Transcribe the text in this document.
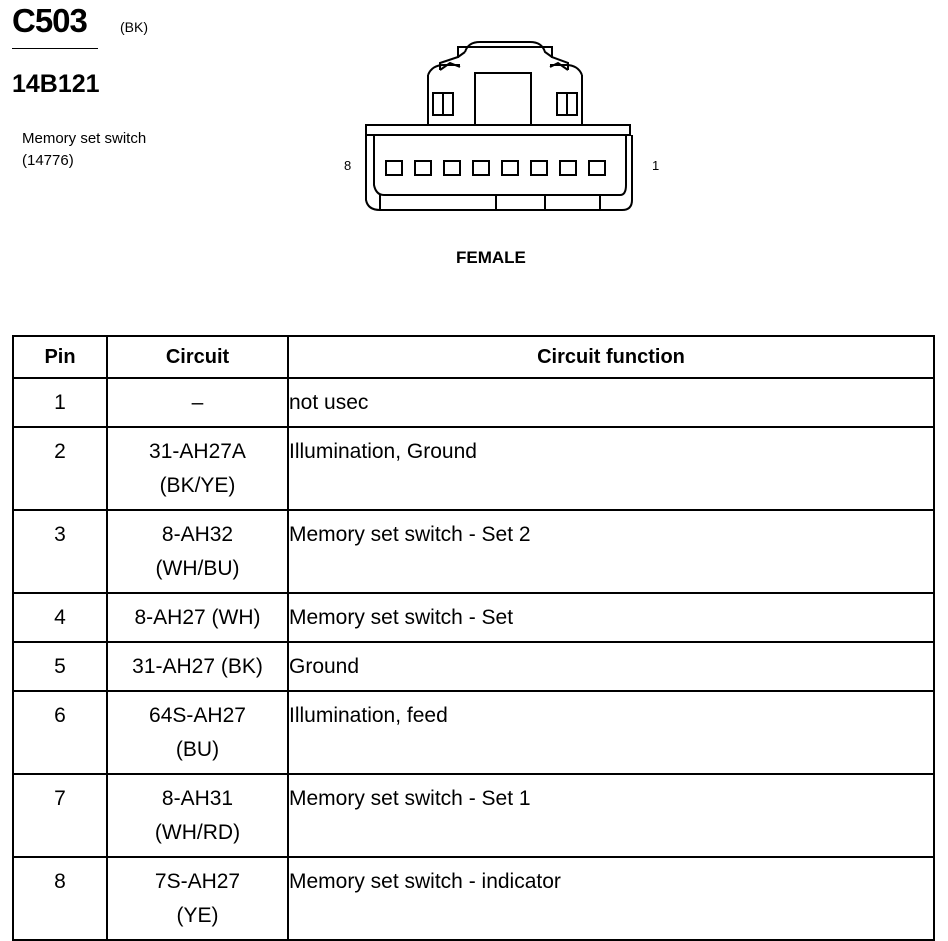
C503 (BK)
14B121
Memory set switch
(14776)	8	1
FEMALE
Pin	Circuit	Circuit function
1	–	not usec
2	31-AH27A
(BK/YE)	Illumination, Ground
3	8-AH32
(WH/BU)	Memory set switch - Set 2
4	8-AH27 (WH)	Memory set switch - Set
5	31-AH27 (BK)	Ground
6	64S-AH27
(BU)	Illumination, feed
7	8-AH31
(WH/RD)	Memory set switch - Set 1
8	7S-AH27
(YE)	Memory set switch - indicator
